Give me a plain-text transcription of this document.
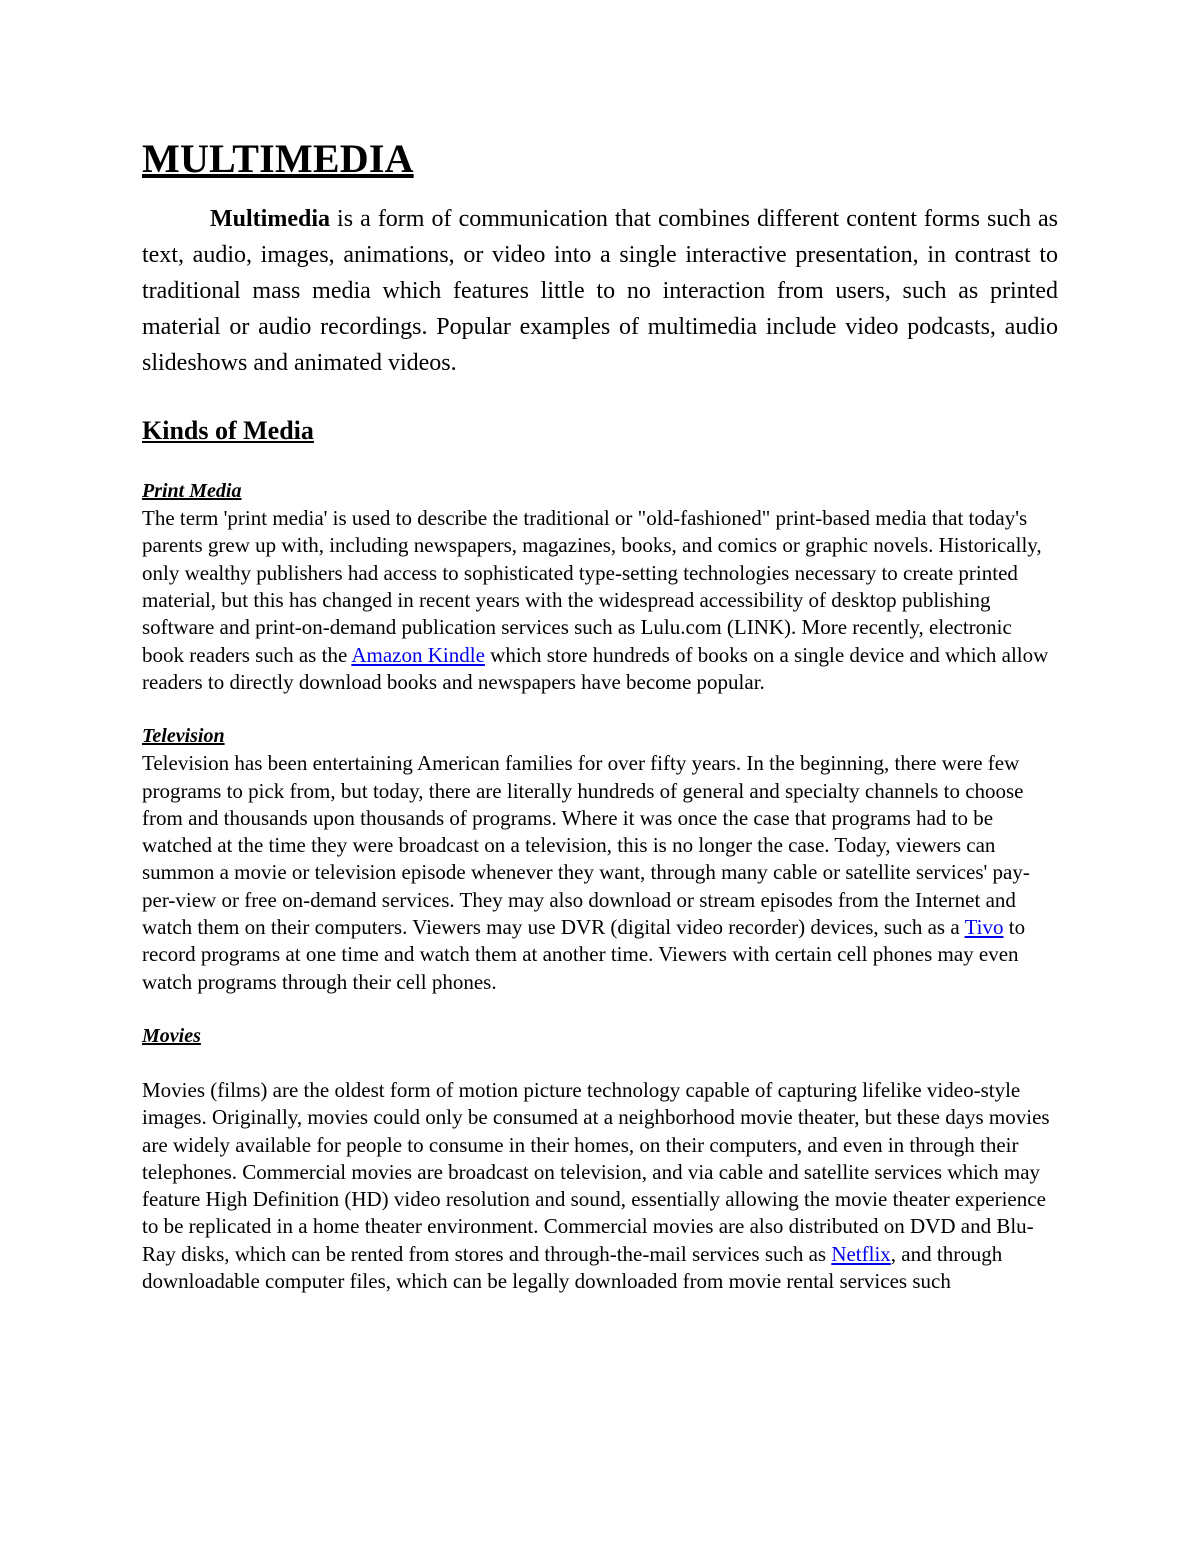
MULTIMEDIA

Multimedia is a form of communication that combines different content forms such as text, audio, images, animations, or video into a single interactive presentation, in contrast to traditional mass media which features little to no interaction from users, such as printed material or audio recordings. Popular examples of multimedia include video podcasts, audio slideshows and animated videos.

Kinds of Media
Print Media

The term 'print media' is used to describe the traditional or "old-fashioned" print-based media that today's parents grew up with, including newspapers, magazines, books, and comics or graphic novels. Historically, only wealthy publishers had access to sophisticated type-setting technologies necessary to create printed material, but this has changed in recent years with the widespread accessibility of desktop publishing software and print-on-demand publication services such as Lulu.com (LINK). More recently, electronic book readers such as the Amazon Kindle which store hundreds of books on a single device and which allow readers to directly download books and newspapers have become popular.

Television

Television has been entertaining American families for over fifty years. In the beginning, there were few programs to pick from, but today, there are literally hundreds of general and specialty channels to choose from and thousands upon thousands of programs. Where it was once the case that programs had to be watched at the time they were broadcast on a television, this is no longer the case. Today, viewers can summon a movie or television episode whenever they want, through many cable or satellite services' pay-per-view or free on-demand services. They may also download or stream episodes from the Internet and watch them on their computers. Viewers may use DVR (digital video recorder) devices, such as a Tivo to record programs at one time and watch them at another time. Viewers with certain cell phones may even watch programs through their cell phones.

Movies

Movies (films) are the oldest form of motion picture technology capable of capturing lifelike video-style images. Originally, movies could only be consumed at a neighborhood movie theater, but these days movies are widely available for people to consume in their homes, on their computers, and even in through their telephones. Commercial movies are broadcast on television, and via cable and satellite services which may feature High Definition (HD) video resolution and sound, essentially allowing the movie theater experience to be replicated in a home theater environment. Commercial movies are also distributed on DVD and Blu-Ray disks, which can be rented from stores and through-the-mail services such as Netflix, and through downloadable computer files, which can be legally downloaded from movie rental services such
